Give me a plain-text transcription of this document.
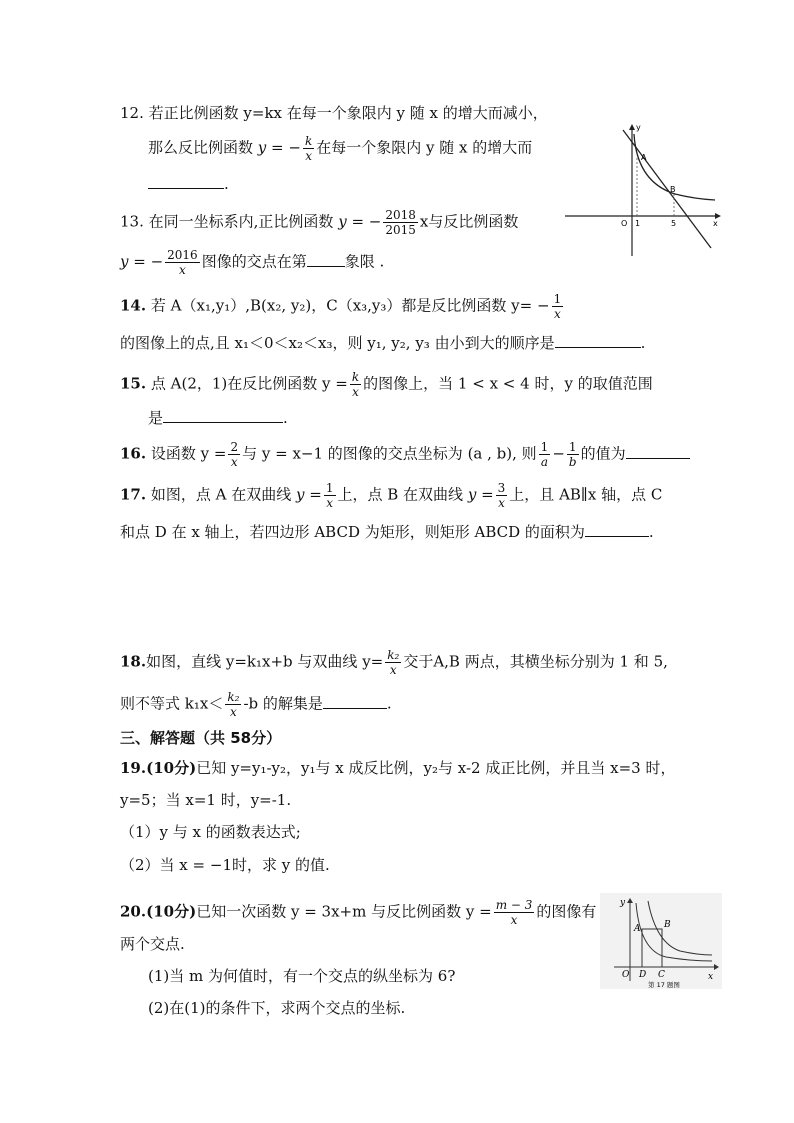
12. 若正比例函数 y=kx 在每一个象限内 y 随 x 的增大而减小，
那么反比例函数 y = − $\frac{k}{x}$ 在每一个象限内 y 随 x 的增大而
.
13. 在同一坐标系内,正比例函数 y = − $\frac{2018}{2015}$ x与反比例函数
y = − $\frac{2016}{x}$ 图像的交点在第	象限 .
14. 若 A（x₁,y₁）,B(x₂, y₂)，C（x₃,y₃）都是反比例函数 $y= - \frac{1}{x}$
的图像上的点,且 x₁＜0＜x₂＜x₃，则 y₁, y₂, y₃ 由小到大的顺序是	.
15. 点 A(2，1)在反比例函数 $y = \frac{k}{x}$ 的图像上，当 1 < x < 4 时，y 的取值范围
是	.
16. 设函数 $y = \frac{2}{x}$ 与 y = x−1 的图像的交点坐标为 (a , b), 则 $\frac{1}{a} - \frac{1}{b}$ 的值为
17. 如图，点 A 在双曲线 $y = \frac{1}{x}$ 上，点 B 在双曲线 $y = \frac{3}{x}$ 上，且 AB∥x 轴，点 C
和点 D 在 x 轴上，若四边形 ABCD 为矩形，则矩形 ABCD 的面积为	.
18.如图，直线 y=k₁x+b 与双曲线 $y= \frac{\text{k₂}}{x}$ 交于A,B 两点，其横坐标分别为 1 和 5,
则不等式 $k_1x< \frac{\text{k₂}}{x} -b$ 的解集是	.
三、解答题（共 58分）
19.(10分)已知 y=y₁-y₂，y₁与 x 成反比例，y₂与 x-2 成正比例，并且当 x=3 时，
y=5；当 x=1 时，y=-1.
（1）y 与 x 的函数表达式;
（2）当 x = −1时，求 y 的值.
20.(10分)已知一次函数 y = 3x+m 与反比例函数 $y = \frac{m - 3}{x}$ 的图像有
两个交点.
(1)当 m 为何值时，有一个交点的纵坐标为 6?
(2)在(1)的条件下，求两个交点的坐标.
y
x
A
B
O 1	5
y
x
A	B
O D C
第 17 题图
